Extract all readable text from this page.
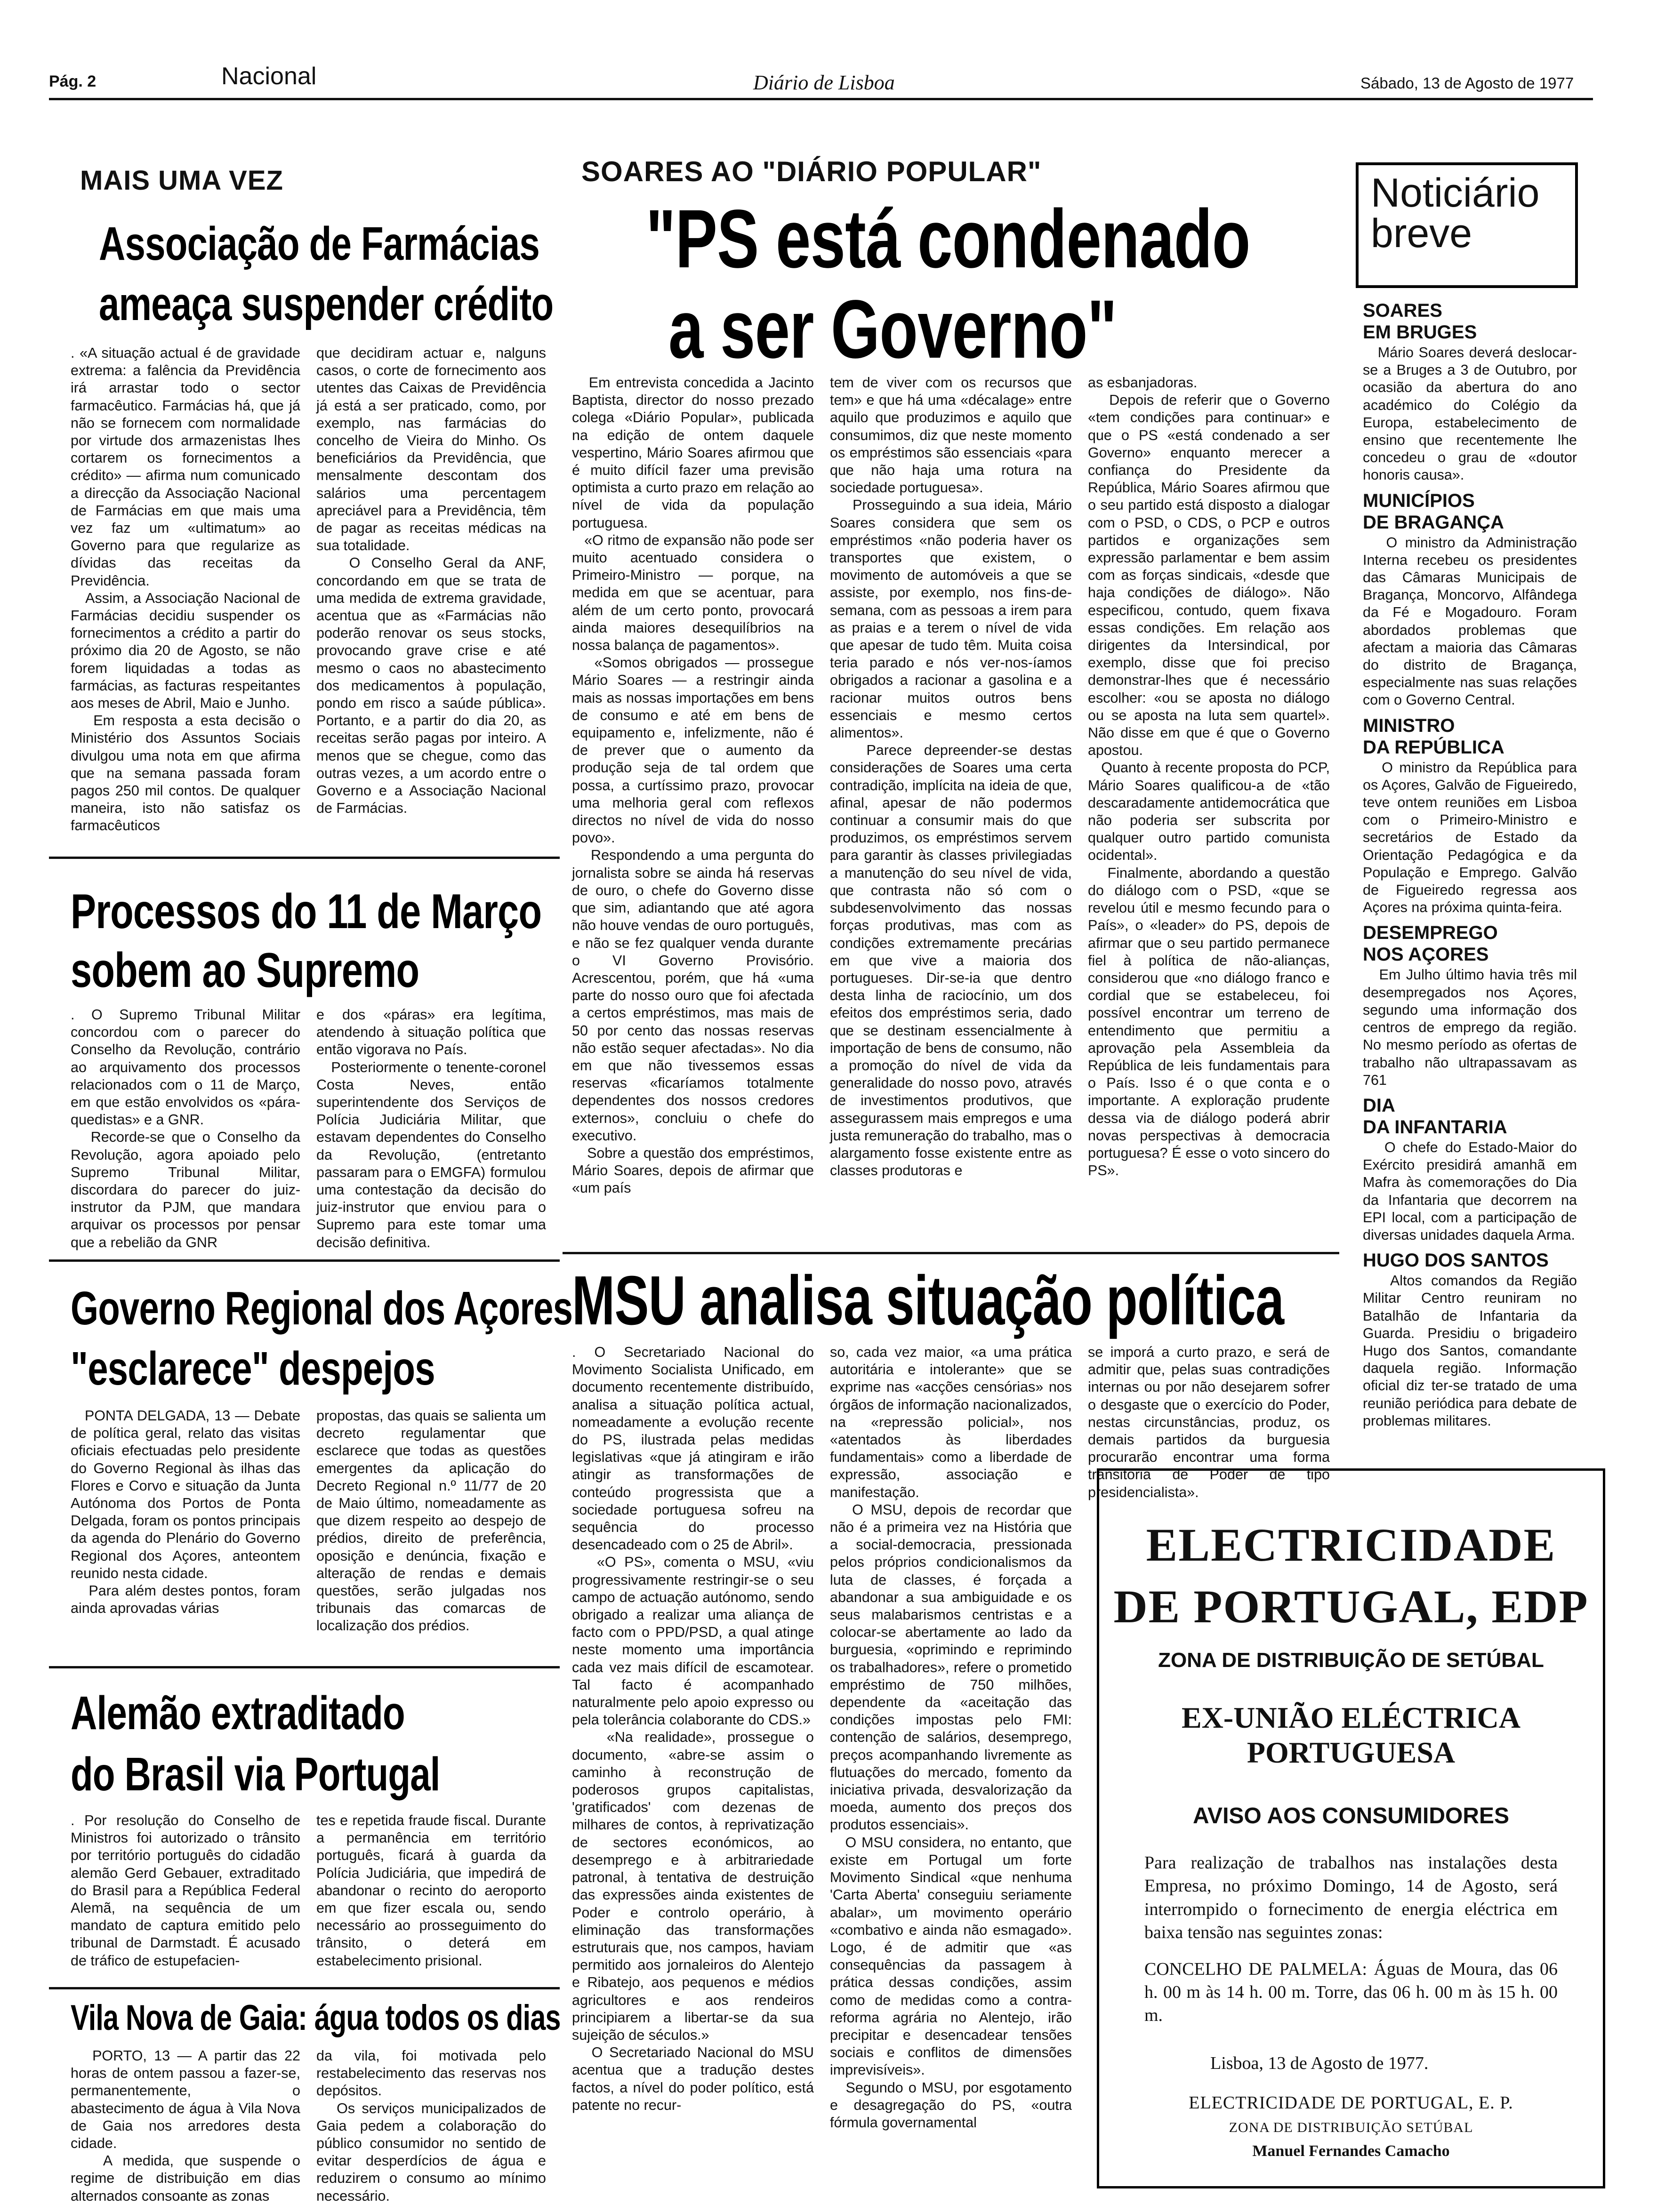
Pág. 2	Nacional	Diário de Lisboa	Sábado, 13 de Agosto de 1977
MAIS UMA VEZ
Associação de Farmácias
ameaça suspender crédito
. «A situação actual é de gravidade extrema: a falência da Previdência irá arrastar todo o sector farmacêutico. Farmácias há, que já não se fornecem com normalidade por virtude dos armazenistas lhes cortarem os fornecimentos a crédito» — afirma num comunicado a direcção da Associação Nacional de Farmácias em que mais uma vez faz um «ultimatum» ao Governo para que regularize as dívidas das receitas da Previdência.
Assim, a Associação Nacional de Farmácias decidiu suspender os fornecimentos a crédito a partir do próximo dia 20 de Agosto, se não forem liquidadas a todas as farmácias, as facturas respeitantes aos meses de Abril, Maio e Junho.
Em resposta a esta decisão o Ministério dos Assuntos Sociais divulgou uma nota em que afirma que na semana passada foram pagos 250 mil contos. De qualquer maneira, isto não satisfaz os farmacêuticos
que decidiram actuar e, nalguns casos, o corte de fornecimento aos utentes das Caixas de Previdência já está a ser praticado, como, por exemplo, nas farmácias do concelho de Vieira do Minho. Os beneficiários da Previdência, que mensalmente descontam dos salários uma percentagem apreciável para a Previdência, têm de pagar as receitas médicas na sua totalidade.
O Conselho Geral da ANF, concordando em que se trata de uma medida de extrema gravidade, acentua que as «Farmácias não poderão renovar os seus stocks, provocando grave crise e até mesmo o caos no abastecimento dos medicamentos à população, pondo em risco a saúde pública». Portanto, e a partir do dia 20, as receitas serão pagas por inteiro. A menos que se chegue, como das outras vezes, a um acordo entre o Governo e a Associação Nacional de Farmácias.
Processos do 11 de Março
sobem ao Supremo
. O Supremo Tribunal Militar concordou com o parecer do Conselho da Revolução, contrário ao arquivamento dos processos relacionados com o 11 de Março, em que estão envolvidos os «pára-quedistas» e a GNR.
Recorde-se que o Conselho da Revolução, agora apoiado pelo Supremo Tribunal Militar, discordara do parecer do juiz-instrutor da PJM, que mandara arquivar os processos por pensar que a rebelião da GNR
e dos «páras» era legítima, atendendo à situação política que então vigorava no País.
Posteriormente o tenente-coronel Costa Neves, então superintendente dos Serviços de Polícia Judiciária Militar, que estavam dependentes do Conselho da Revolução, (entretanto passaram para o EMGFA) formulou uma contestação da decisão do juiz-instrutor que enviou para o Supremo para este tomar uma decisão definitiva.
Governo Regional dos Açores
"esclarece" despejos
PONTA DELGADA, 13 — Debate de política geral, relato das visitas oficiais efectuadas pelo presidente do Governo Regional às ilhas das Flores e Corvo e situação da Junta Autónoma dos Portos de Ponta Delgada, foram os pontos principais da agenda do Plenário do Governo Regional dos Açores, anteontem reunido nesta cidade.
Para além destes pontos, foram ainda aprovadas várias
propostas, das quais se salienta um decreto regulamentar que esclarece que todas as questões emergentes da aplicação do Decreto Regional n.º 11/77 de 20 de Maio último, nomeadamente as que dizem respeito ao despejo de prédios, direito de preferência, oposição e denúncia, fixação e alteração de rendas e demais questões, serão julgadas nos tribunais das comarcas de localização dos prédios.
Alemão extraditado
do Brasil via Portugal
. Por resolução do Conselho de Ministros foi autorizado o trânsito por território português do cidadão alemão Gerd Gebauer, extraditado do Brasil para a República Federal Alemã, na sequência de um mandato de captura emitido pelo tribunal de Darmstadt. É acusado de tráfico de estupefacien-
tes e repetida fraude fiscal. Durante a permanência em território português, ficará à guarda da Polícia Judiciária, que impedirá de abandonar o recinto do aeroporto em que fizer escala ou, sendo necessário ao prosseguimento do trânsito, o deterá em estabelecimento prisional.
Vila Nova de Gaia: água todos os dias
PORTO, 13 — A partir das 22 horas de ontem passou a fazer-se, permanentemente, o abastecimento de água à Vila Nova de Gaia nos arredores desta cidade.
A medida, que suspende o regime de distribuição em dias alternados consoante as zonas
da vila, foi motivada pelo restabelecimento das reservas nos depósitos.
Os serviços municipalizados de Gaia pedem a colaboração do público consumidor no sentido de evitar desperdícios de água e reduzirem o consumo ao mínimo necessário.
SOARES AO "DIÁRIO POPULAR"
"PS está condenado
a ser Governo"
Em entrevista concedida a Jacinto Baptista, director do nosso prezado colega «Diário Popular», publicada na edição de ontem daquele vespertino, Mário Soares afirmou que é muito difícil fazer uma previsão optimista a curto prazo em relação ao nível de vida da população portuguesa.
«O ritmo de expansão não pode ser muito acentuado considera o Primeiro-Ministro — porque, na medida em que se acentuar, para além de um certo ponto, provocará ainda maiores desequilíbrios na nossa balança de pagamentos».
«Somos obrigados — prossegue Mário Soares — a restringir ainda mais as nossas importações em bens de consumo e até em bens de equipamento e, infelizmente, não é de prever que o aumento da produção seja de tal ordem que possa, a curtíssimo prazo, provocar uma melhoria geral com reflexos directos no nível de vida do nosso povo».
Respondendo a uma pergunta do jornalista sobre se ainda há reservas de ouro, o chefe do Governo disse que sim, adiantando que até agora não houve vendas de ouro português, e não se fez qualquer venda durante o VI Governo Provisório. Acrescentou, porém, que há «uma parte do nosso ouro que foi afectada a certos empréstimos, mas mais de 50 por cento das nossas reservas não estão sequer afectadas». No dia em que não tivessemos essas reservas «ficaríamos totalmente dependentes dos nossos credores externos», concluiu o chefe do executivo.
Sobre a questão dos empréstimos, Mário Soares, depois de afirmar que «um país
tem de viver com os recursos que tem» e que há uma «décalage» entre aquilo que produzimos e aquilo que consumimos, diz que neste momento os empréstimos são essenciais «para que não haja uma rotura na sociedade portuguesa».
Prosseguindo a sua ideia, Mário Soares considera que sem os empréstimos «não poderia haver os transportes que existem, o movimento de automóveis a que se assiste, por exemplo, nos fins-de-semana, com as pessoas a irem para as praias e a terem o nível de vida que apesar de tudo têm. Muita coisa teria parado e nós ver-nos-íamos obrigados a racionar a gasolina e a racionar muitos outros bens essenciais e mesmo certos alimentos».
Parece depreender-se destas considerações de Soares uma certa contradição, implícita na ideia de que, afinal, apesar de não podermos continuar a consumir mais do que produzimos, os empréstimos servem para garantir às classes privilegiadas a manutenção do seu nível de vida, que contrasta não só com o subdesenvolvimento das nossas forças produtivas, mas com as condições extremamente precárias em que vive a maioria dos portugueses. Dir-se-ia que dentro desta linha de raciocínio, um dos efeitos dos empréstimos seria, dado que se destinam essencialmente à importação de bens de consumo, não a promoção do nível de vida da generalidade do nosso povo, através de investimentos produtivos, que assegurassem mais empregos e uma justa remuneração do trabalho, mas o alargamento fosse existente entre as classes produtoras e
as esbanjadoras.
Depois de referir que o Governo «tem condições para continuar» e que o PS «está condenado a ser Governo» enquanto merecer a confiança do Presidente da República, Mário Soares afirmou que o seu partido está disposto a dialogar com o PSD, o CDS, o PCP e outros partidos e organizações sem expressão parlamentar e bem assim com as forças sindicais, «desde que haja condições de diálogo». Não especificou, contudo, quem fixava essas condições. Em relação aos dirigentes da Intersindical, por exemplo, disse que foi preciso demonstrar-lhes que é necessário escolher: «ou se aposta no diálogo ou se aposta na luta sem quartel». Não disse em que é que o Governo apostou.
Quanto à recente proposta do PCP, Mário Soares qualificou-a de «tão descaradamente antidemocrática que não poderia ser subscrita por qualquer outro partido comunista ocidental».
Finalmente, abordando a questão do diálogo com o PSD, «que se revelou útil e mesmo fecundo para o País», o «leader» do PS, depois de afirmar que o seu partido permanece fiel à política de não-alianças, considerou que «no diálogo franco e cordial que se estabeleceu, foi possível encontrar um terreno de entendimento que permitiu a aprovação pela Assembleia da República de leis fundamentais para o País. Isso é o que conta e o importante. A exploração prudente dessa via de diálogo poderá abrir novas perspectivas à democracia portuguesa? É esse o voto sincero do PS».
MSU analisa situação política
. O Secretariado Nacional do Movimento Socialista Unificado, em documento recentemente distribuído, analisa a situação política actual, nomeadamente a evolução recente do PS, ilustrada pelas medidas legislativas «que já atingiram e irão atingir as transformações de conteúdo progressista que a sociedade portuguesa sofreu na sequência do processo desencadeado com o 25 de Abril».
«O PS», comenta o MSU, «viu progressivamente restringir-se o seu campo de actuação autónomo, sendo obrigado a realizar uma aliança de facto com o PPD/PSD, a qual atinge neste momento uma importância cada vez mais difícil de escamotear. Tal facto é acompanhado naturalmente pelo apoio expresso ou pela tolerância colaborante do CDS.»
«Na realidade», prossegue o documento, «abre-se assim o caminho à reconstrução de poderosos grupos capitalistas, 'gratificados' com dezenas de milhares de contos, à reprivatização de sectores económicos, ao desemprego e à arbitrariedade patronal, à tentativa de destruição das expressões ainda existentes de Poder e controlo operário, à eliminação das transformações estruturais que, nos campos, haviam permitido aos jornaleiros do Alentejo e Ribatejo, aos pequenos e médios agricultores e aos rendeiros principiarem a libertar-se da sua sujeição de séculos.»
O Secretariado Nacional do MSU acentua que a tradução destes factos, a nível do poder político, está patente no recur-
so, cada vez maior, «a uma prática autoritária e intolerante» que se exprime nas «acções censórias» nos órgãos de informação nacionalizados, na «repressão policial», nos «atentados às liberdades fundamentais» como a liberdade de expressão, associação e manifestação.
O MSU, depois de recordar que não é a primeira vez na História que a social-democracia, pressionada pelos próprios condicionalismos da luta de classes, é forçada a abandonar a sua ambiguidade e os seus malabarismos centristas e a colocar-se abertamente ao lado da burguesia, «oprimindo e reprimindo os trabalhadores», refere o prometido empréstimo de 750 milhões, dependente da «aceitação das condições impostas pelo FMI: contenção de salários, desemprego, preços acompanhando livremente as flutuações do mercado, fomento da iniciativa privada, desvalorização da moeda, aumento dos preços dos produtos essenciais».
O MSU considera, no entanto, que existe em Portugal um forte Movimento Sindical «que nenhuma 'Carta Aberta' conseguiu seriamente abalar», um movimento operário «combativo e ainda não esmagado». Logo, é de admitir que «as consequências da passagem à prática dessas condições, assim como de medidas como a contra-reforma agrária no Alentejo, irão precipitar e desencadear tensões sociais e conflitos de dimensões imprevisíveis».
Segundo o MSU, por esgotamento e desagregação do PS, «outra fórmula governamental
se imporá a curto prazo, e será de admitir que, pelas suas contradições internas ou por não desejarem sofrer o desgaste que o exercício do Poder, nestas circunstâncias, produz, os demais partidos da burguesia procurarão encontrar uma forma transitória de Poder de tipo presidencialista».
Noticiário
breve
SOARES
EM BRUGES
Mário Soares deverá deslocar-se a Bruges a 3 de Outubro, por ocasião da abertura do ano académico do Colégio da Europa, estabelecimento de ensino que recentemente lhe concedeu o grau de «doutor honoris causa».
MUNICÍPIOS
DE BRAGANÇA
O ministro da Administração Interna recebeu os presidentes das Câmaras Municipais de Bragança, Moncorvo, Alfândega da Fé e Mogadouro. Foram abordados problemas que afectam a maioria das Câmaras do distrito de Bragança, especialmente nas suas relações com o Governo Central.
MINISTRO
DA REPÚBLICA
O ministro da República para os Açores, Galvão de Figueiredo, teve ontem reuniões em Lisboa com o Primeiro-Ministro e secretários de Estado da Orientação Pedagógica e da População e Emprego. Galvão de Figueiredo regressa aos Açores na próxima quinta-feira.
DESEMPREGO
NOS AÇORES
Em Julho último havia três mil desempregados nos Açores, segundo uma informação dos centros de emprego da região. No mesmo período as ofertas de trabalho não ultrapassavam as 761
DIA
DA INFANTARIA
O chefe do Estado-Maior do Exército presidirá amanhã em Mafra às comemorações do Dia da Infantaria que decorrem na EPI local, com a participação de diversas unidades daquela Arma.
HUGO DOS SANTOS
Altos comandos da Região Militar Centro reuniram no Batalhão de Infantaria da Guarda. Presidiu o brigadeiro Hugo dos Santos, comandante daquela região. Informação oficial diz ter-se tratado de uma reunião periódica para debate de problemas militares.
ELECTRICIDADE
DE PORTUGAL, EDP
ZONA DE DISTRIBUIÇÃO DE SETÚBAL
EX-UNIÃO ELÉCTRICA PORTUGUESA
AVISO AOS CONSUMIDORES
Para realização de trabalhos nas instalações desta Empresa, no próximo Domingo, 14 de Agosto, será interrompido o fornecimento de energia eléctrica em baixa tensão nas seguintes zonas:
CONCELHO DE PALMELA: Águas de Moura, das 06 h. 00 m às 14 h. 00 m. Torre, das 06 h. 00 m às 15 h. 00 m.
Lisboa, 13 de Agosto de 1977.
ELECTRICIDADE DE PORTUGAL, E. P.
ZONA DE DISTRIBUIÇÃO SETÚBAL
Manuel Fernandes Camacho
